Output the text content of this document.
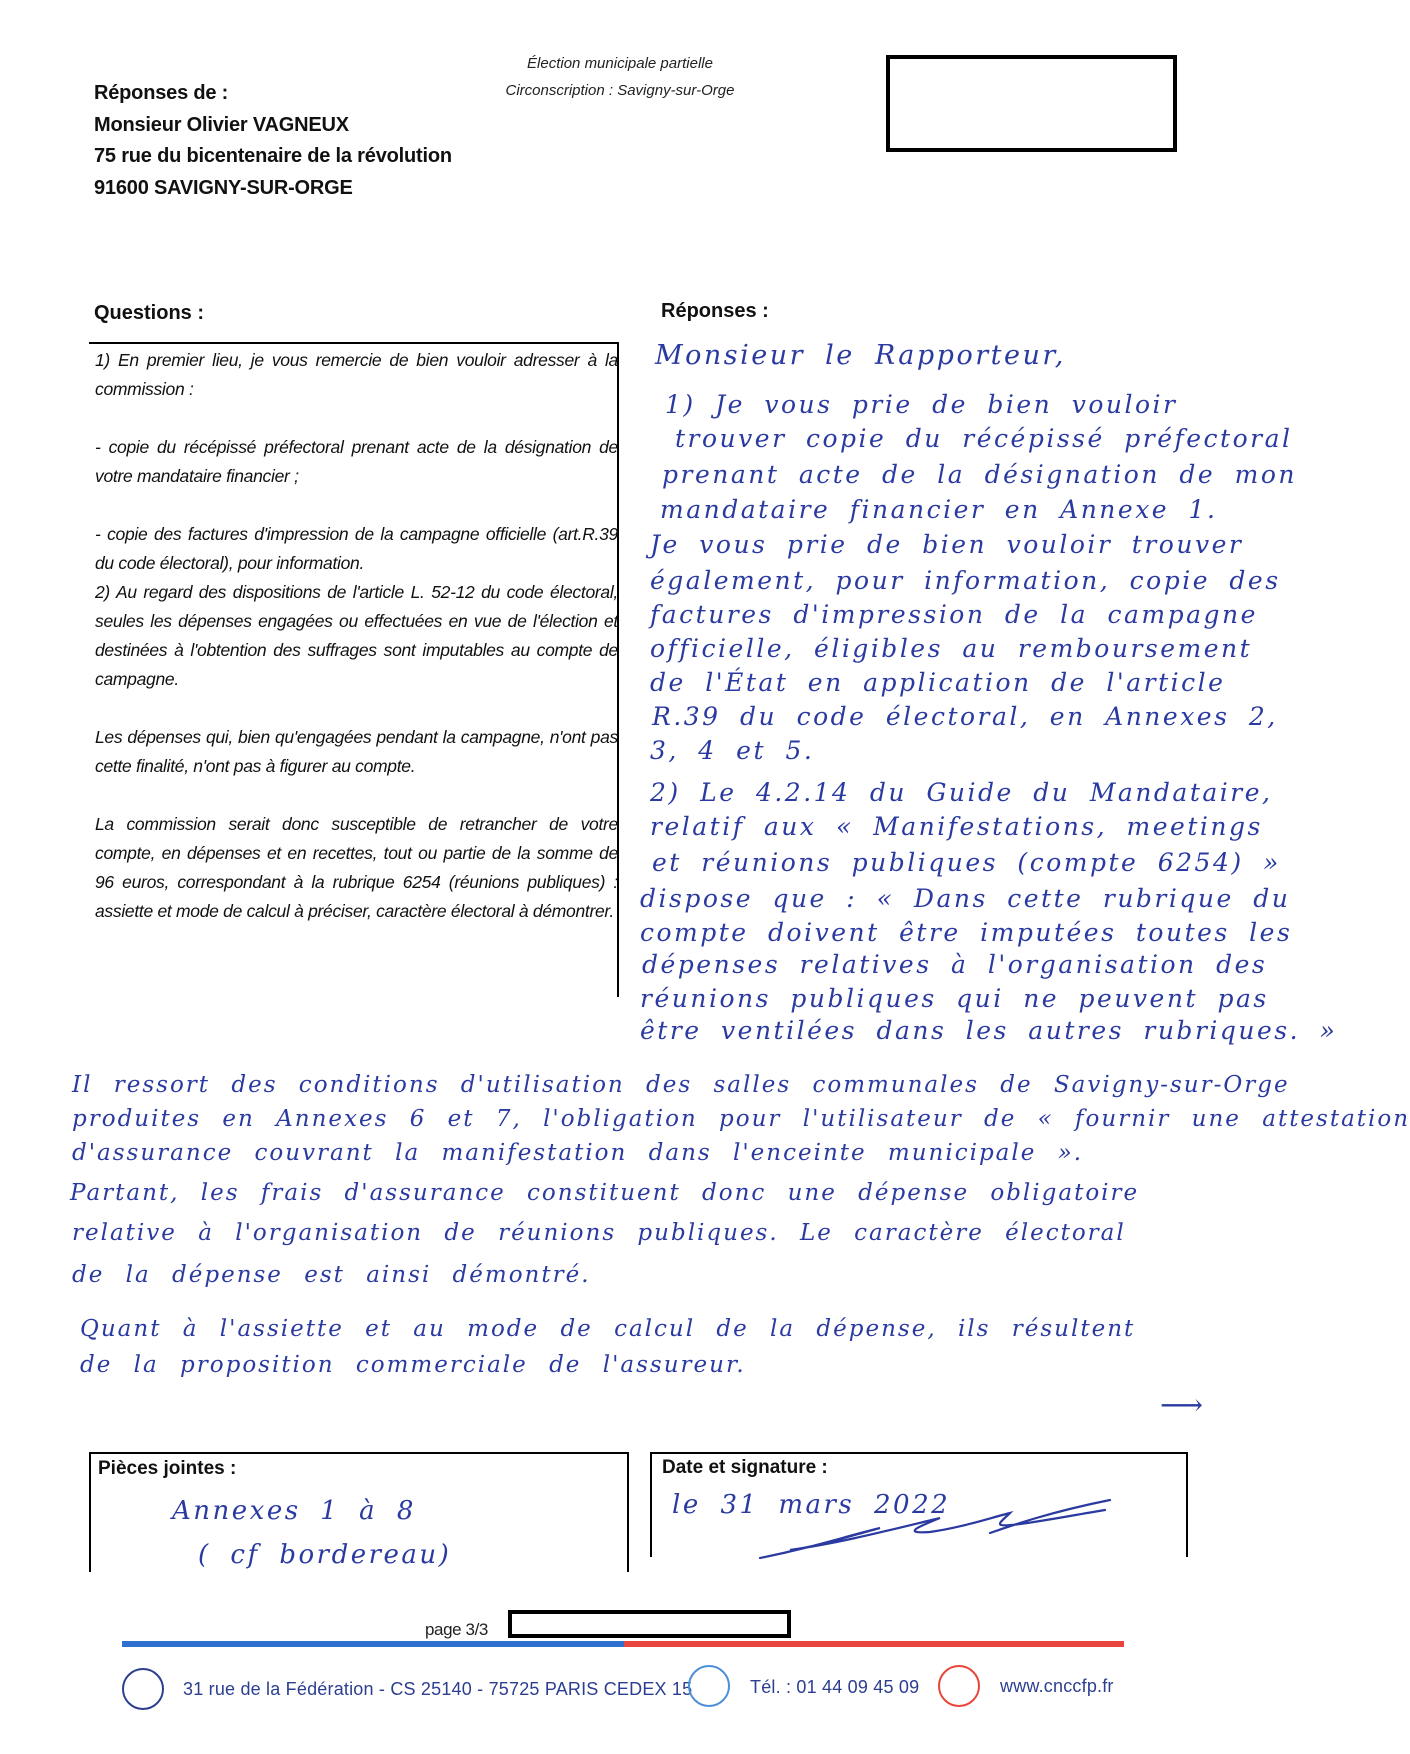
Élection municipale partielle
Circonscription : Savigny-sur-Orge
Réponses de :
Monsieur Olivier VAGNEUX
75 rue du bicentenaire de la révolution
91600 SAVIGNY-SUR-ORGE
Questions :	Réponses :

1) En premier lieu, je vous remercie de bien vouloir adresser à la commission :

- copie du récépissé préfectoral prenant acte de la désignation de votre mandataire financier ;

- copie des factures d'impression de la campagne officielle (art.R.39 du code électoral), pour information.

2) Au regard des dispositions de l'article L. 52-12 du code électoral, seules les dépenses engagées ou effectuées en vue de l'élection et destinées à l'obtention des suffrages sont imputables au compte de campagne.

Les dépenses qui, bien qu'engagées pendant la campagne, n'ont pas cette finalité, n'ont pas à figurer au compte.

La commission serait donc susceptible de retrancher de votre compte, en dépenses et en recettes, tout ou partie de la somme de 96 euros, correspondant à la rubrique 6254 (réunions publiques) : assiette et mode de calcul à préciser, caractère électoral à démontrer.

Monsieur le Rapporteur,
1) Je vous prie de bien vouloir
trouver copie du récépissé préfectoral
prenant acte de la désignation de mon
mandataire financier en Annexe 1.
Je vous prie de bien vouloir trouver
également, pour information, copie des
factures d'impression de la campagne
officielle, éligibles au remboursement
de l'État en application de l'article
R.39 du code électoral, en Annexes 2,
3, 4 et 5.
2) Le 4.2.14 du Guide du Mandataire,
relatif aux « Manifestations, meetings
et réunions publiques (compte 6254) »
dispose que : « Dans cette rubrique du
compte doivent être imputées toutes les
dépenses relatives à l'organisation des
réunions publiques qui ne peuvent pas
être ventilées dans les autres rubriques. »
Il ressort des conditions d'utilisation des salles communales de Savigny-sur-Orge
produites en Annexes 6 et 7, l'obligation pour l'utilisateur de « fournir une attestation
d'assurance couvrant la manifestation dans l'enceinte municipale ».
Partant, les frais d'assurance constituent donc une dépense obligatoire
relative à l'organisation de réunions publiques. Le caractère électoral
de la dépense est ainsi démontré.
Quant à l'assiette et au mode de calcul de la dépense, ils résultent
de la proposition commerciale de l'assureur.
⟶
Pièces jointes :
Annexes 1 à 8
( cf bordereau)
Date et signature :
le 31 mars 2022
page 3/3
31 rue de la Fédération - CS 25140 - 75725 PARIS CEDEX 15	Tél. : 01 44 09 45 09	www.cnccfp.fr
